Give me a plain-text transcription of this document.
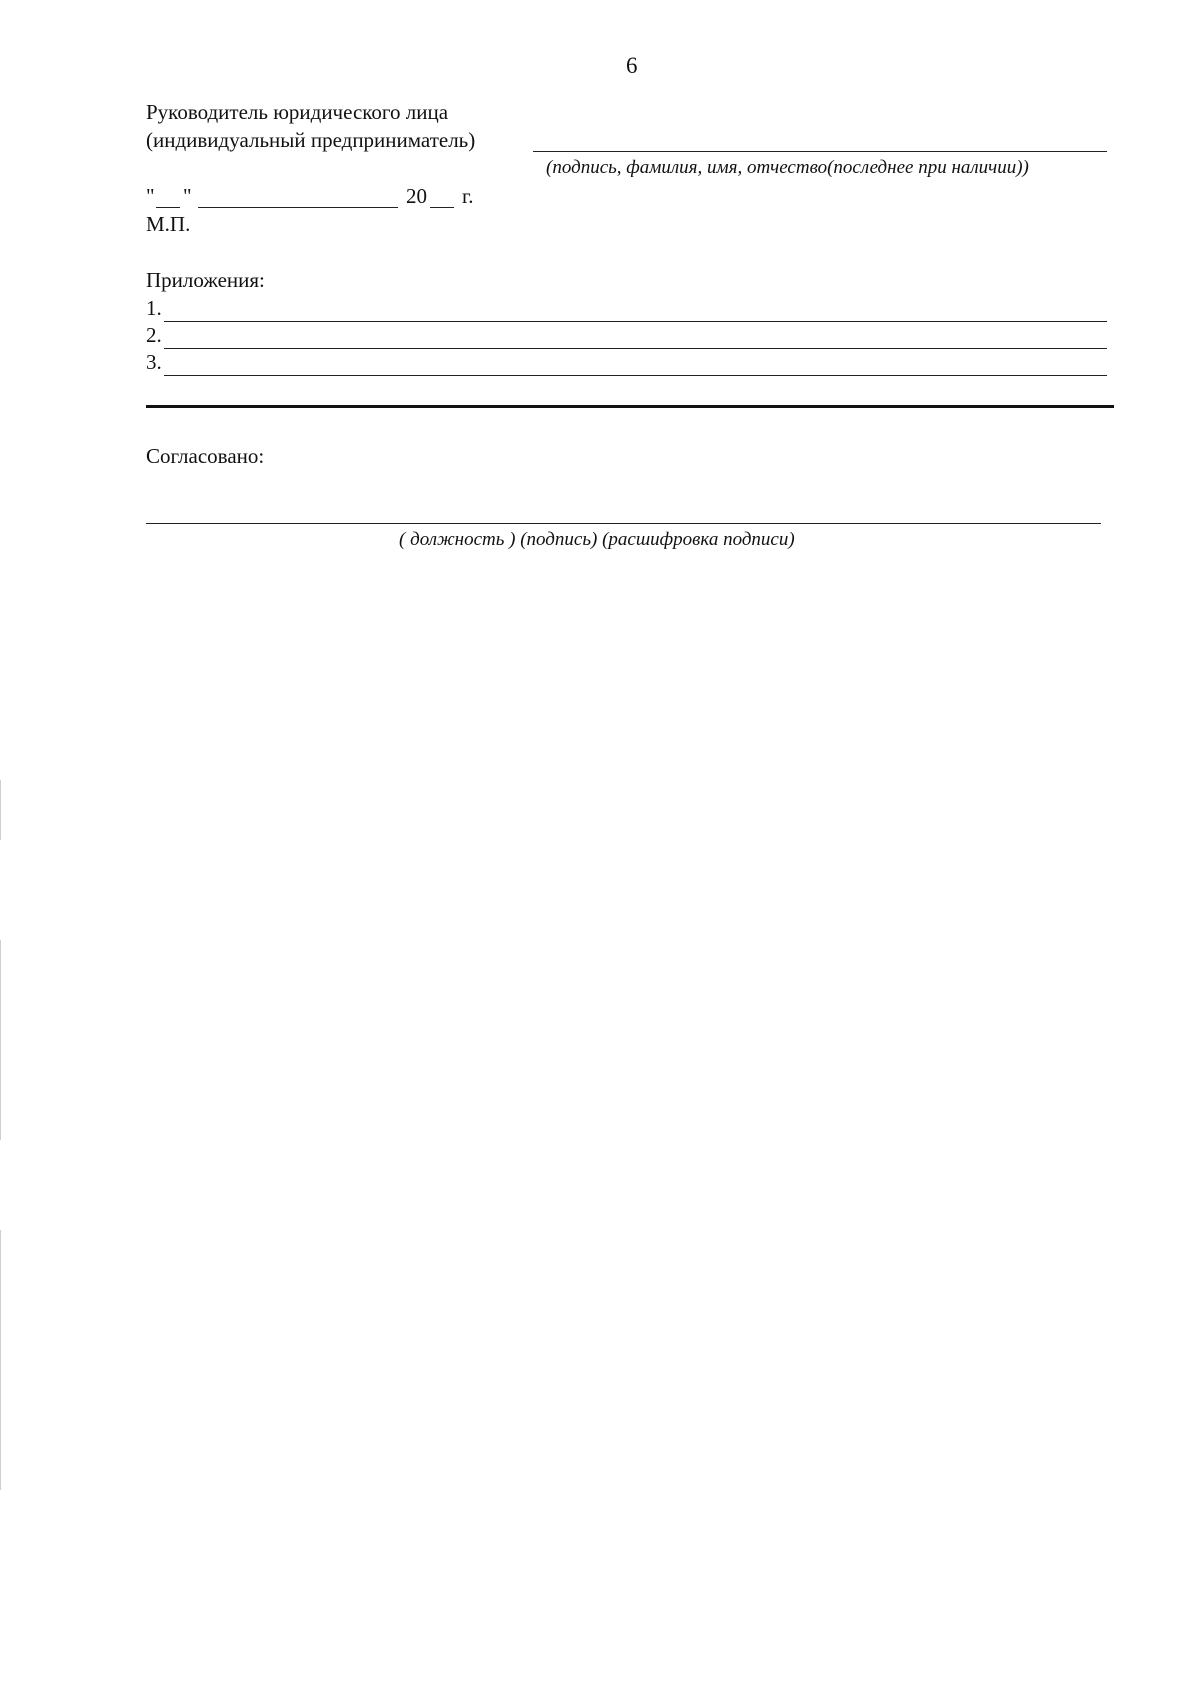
6
Руководитель юридического лица
(индивидуальный предприниматель)
(подпись, фамилия, имя, отчество(последнее при наличии))
" "	20 г.
М.П.
Приложения:
1.
2.
3.
Согласовано:
( должность ) (подпись) (расшифровка подписи)
